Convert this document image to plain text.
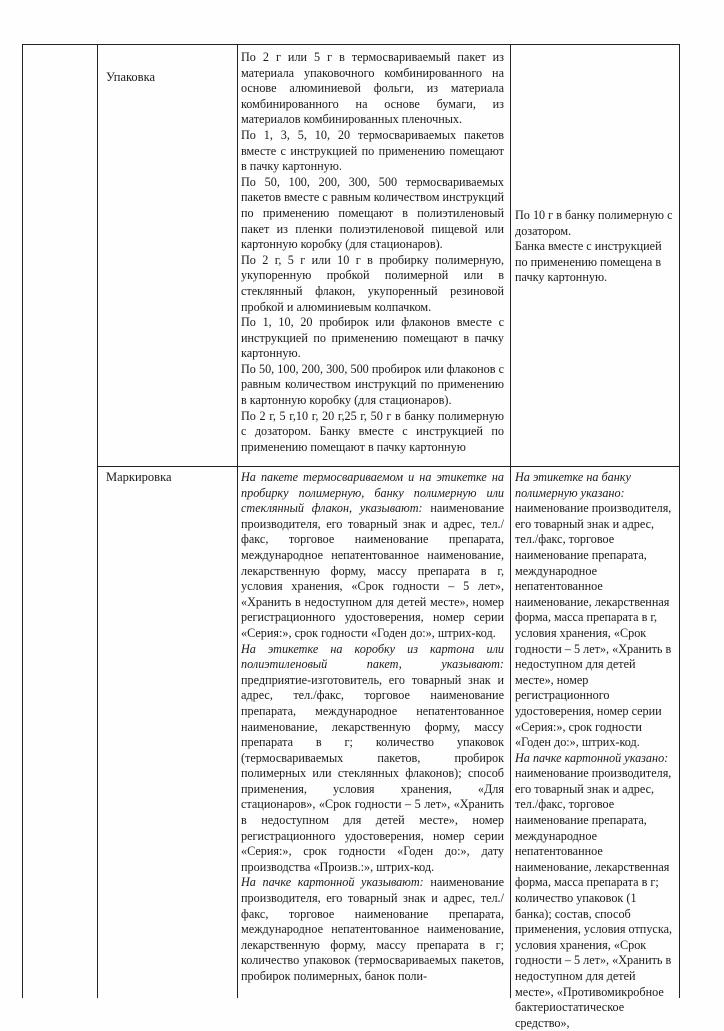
Упаковка

По 2 г или 5 г в термосвариваемый пакет из материала упаковочного комбинированного на основе алюминиевой фольги, из материала комбинированного на основе бумаги, из материалов комбинированных пленочных.

По 1, 3, 5, 10, 20 термосвариваемых пакетов вместе с инструкцией по применению помещают в пачку картонную.

По 50, 100, 200, 300, 500 термосвариваемых пакетов вместе с равным количеством инструкций по применению помещают в полиэтиленовый пакет из пленки полиэтиленовой пищевой или картонную коробку (для стационаров).

По 2 г, 5 г или 10 г в пробирку полимерную, укупоренную пробкой полимерной или в стеклянный флакон, укупоренный резиновой пробкой и алюминиевым колпачком.

По 1, 10, 20 пробирок или флаконов вместе с инструкцией по применению помещают в пачку картонную.

По 50, 100, 200, 300, 500 пробирок или флаконов с равным количеством инструкций по применению в картонную коробку (для стационаров).

По 2 г, 5 г,10 г, 20 г,25 г, 50 г в банку полимерную с дозатором. Банку вместе с инструкцией по применению помещают в пачку картонную

По 10 г в банку полимерную с дозатором.

Банка вместе с инструкцией по применению помещена в пачку картонную.

Маркировка	На пакете термосвариваемом и на этикетке на пробирку полимерную, банку полимерную или стеклянный флакон, указывают: наименование производителя, его товарный знак и адрес, тел./факс, торговое наименование препарата, международное непатентованное наименование, лекарственную форму, массу препарата в г, условия хранения, «Срок годности – 5 лет», «Хранить в недоступном для детей месте», номер регистрационного удостоверения, номер серии «Серия:», срок годности «Годен до:», штрих-код.

На этикетке на коробку из картона или полиэтиленовый пакет, указывают: предприятие-изготовитель, его товарный знак и адрес, тел./факс, торговое наименование препарата, международное непатентованное наименование, лекарственную форму, массу препарата в г; количество упаковок (термосвариваемых пакетов, пробирок полимерных или стеклянных флаконов); способ применения, условия хранения, «Для стационаров», «Срок годности – 5 лет», «Хранить в недоступном для детей месте», номер регистрационного удостоверения, номер серии «Серия:», срок годности «Годен до:», дату производства «Произв.:», штрих-код.

На пачке картонной указывают: наименование производителя, его товарный знак и адрес, тел./факс, торговое наименование препарата, международное непатентованное наименование, лекарственную форму, массу препарата в г; количество упаковок (термосвариваемых пакетов, пробирок полимерных, банок поли-

На этикетке на банку полимерную указано: наименование производителя, его товарный знак и адрес, тел./факс, торговое наименование препарата, международное непатентованное наименование, лекарственная форма, масса препарата в г, условия хранения, «Срок годности – 5 лет», «Хранить в недоступном для детей месте», номер регистрационного удостоверения, номер серии «Серия:», срок годности «Годен до:», штрих-код.

На пачке картонной указано: наименование производителя, его товарный знак и адрес, тел./факс, торговое наименование препарата, международное непатентованное наименование, лекарственная форма, масса препарата в г; количество упаковок (1 банка); состав, способ применения, условия отпуска, условия хранения, «Срок годности – 5 лет», «Хранить в недоступном для детей месте», «Противомикробное бактериостатическое средство»,
